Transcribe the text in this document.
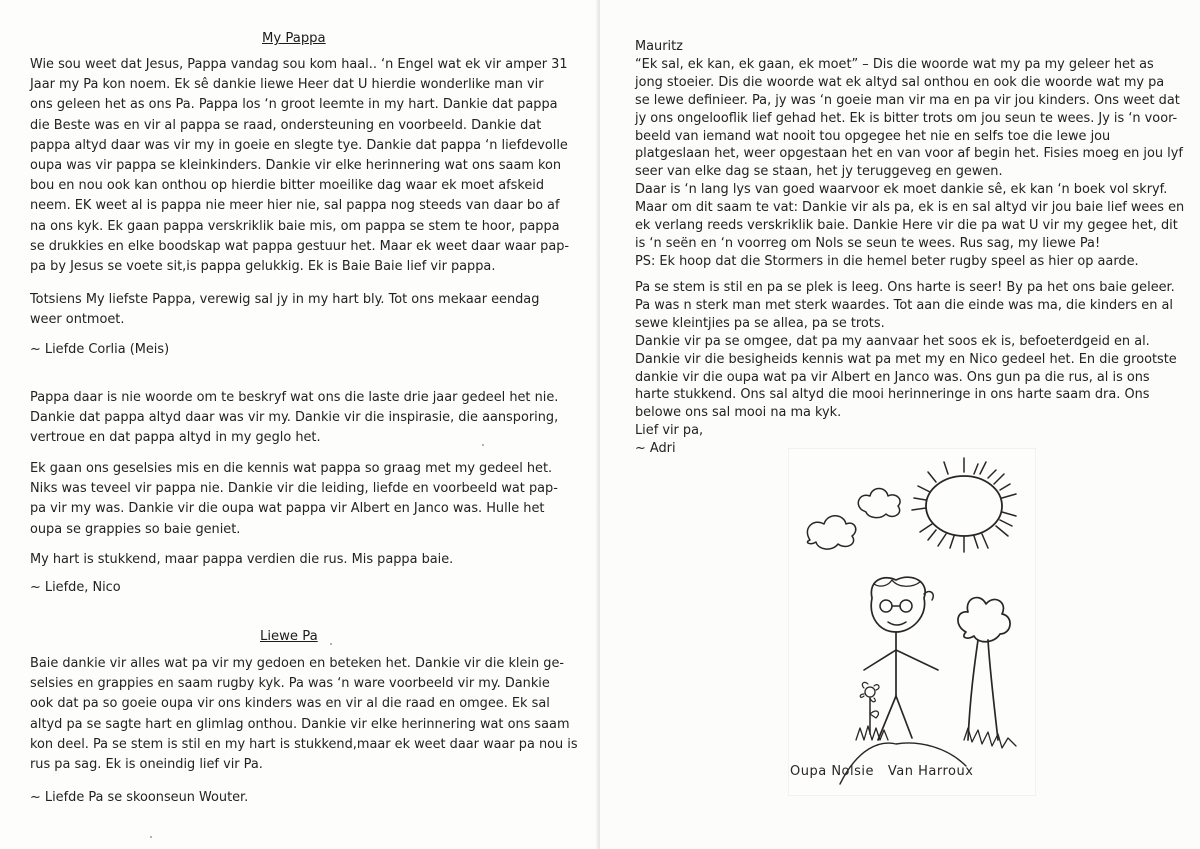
My Pappa
Wie sou weet dat Jesus, Pappa vandag sou kom haal.. ‘n Engel wat ek vir amper 31
Jaar my Pa kon noem. Ek sê dankie liewe Heer dat U hierdie wonderlike man vir
ons geleen het as ons Pa. Pappa los ‘n groot leemte in my hart. Dankie dat pappa
die Beste was en vir al pappa se raad, ondersteuning en voorbeeld. Dankie dat
pappa altyd daar was vir my in goeie en slegte tye. Dankie dat pappa ‘n liefdevolle
oupa was vir pappa se kleinkinders. Dankie vir elke herinnering wat ons saam kon
bou en nou ook kan onthou op hierdie bitter moeilike dag waar ek moet afskeid
neem. EK weet al is pappa nie meer hier nie, sal pappa nog steeds van daar bo af
na ons kyk. Ek gaan pappa verskriklik baie mis, om pappa se stem te hoor, pappa
se drukkies en elke boodskap wat pappa gestuur het. Maar ek weet daar waar pap-
pa by Jesus se voete sit,is pappa gelukkig. Ek is Baie Baie lief vir pappa.
Totsiens My liefste Pappa, verewig sal jy in my hart bly. Tot ons mekaar eendag
weer ontmoet.
~ Liefde Corlia (Meis)
Pappa daar is nie woorde om te beskryf wat ons die laste drie jaar gedeel het nie.
Dankie dat pappa altyd daar was vir my. Dankie vir die inspirasie, die aansporing,
vertroue en dat pappa altyd in my geglo het.
Ek gaan ons geselsies mis en die kennis wat pappa so graag met my gedeel het.
Niks was teveel vir pappa nie. Dankie vir die leiding, liefde en voorbeeld wat pap-
pa vir my was. Dankie vir die oupa wat pappa vir Albert en Janco was. Hulle het
oupa se grappies so baie geniet.
My hart is stukkend, maar pappa verdien die rus. Mis pappa baie.
~ Liefde, Nico
Liewe Pa
Baie dankie vir alles wat pa vir my gedoen en beteken het. Dankie vir die klein ge-
selsies en grappies en saam rugby kyk. Pa was ‘n ware voorbeeld vir my. Dankie
ook dat pa so goeie oupa vir ons kinders was en vir al die raad en omgee. Ek sal
altyd pa se sagte hart en glimlag onthou. Dankie vir elke herinnering wat ons saam
kon deel. Pa se stem is stil en my hart is stukkend,maar ek weet daar waar pa nou is
rus pa sag. Ek is oneindig lief vir Pa.
~ Liefde Pa se skoonseun Wouter.
Mauritz
“Ek sal, ek kan, ek gaan, ek moet” – Dis die woorde wat my pa my geleer het as
jong stoeier. Dis die woorde wat ek altyd sal onthou en ook die woorde wat my pa
se lewe definieer. Pa, jy was ‘n goeie man vir ma en pa vir jou kinders. Ons weet dat
jy ons ongelooflik lief gehad het. Ek is bitter trots om jou seun te wees. Jy is ‘n voor-
beeld van iemand wat nooit tou opgegee het nie en selfs toe die lewe jou
platgeslaan het, weer opgestaan het en van voor af begin het. Fisies moeg en jou lyf
seer van elke dag se staan, het jy teruggeveg en gewen.
Daar is ‘n lang lys van goed waarvoor ek moet dankie sê, ek kan ‘n boek vol skryf.
Maar om dit saam te vat: Dankie vir als pa, ek is en sal altyd vir jou baie lief wees en
ek verlang reeds verskriklik baie. Dankie Here vir die pa wat U vir my gegee het, dit
is ‘n seën en ‘n voorreg om Nols se seun te wees. Rus sag, my liewe Pa!
PS: Ek hoop dat die Stormers in die hemel beter rugby speel as hier op aarde.
Pa se stem is stil en pa se plek is leeg. Ons harte is seer! By pa het ons baie geleer.
Pa was n sterk man met sterk waardes. Tot aan die einde was ma, die kinders en al
sewe kleintjies pa se allea, pa se trots.
Dankie vir pa se omgee, dat pa my aanvaar het soos ek is, befoeterdgeid en al.
Dankie vir die besigheids kennis wat pa met my en Nico gedeel het. En die grootste
dankie vir die oupa wat pa vir Albert en Janco was. Ons gun pa die rus, al is ons
harte stukkend. Ons sal altyd die mooi herinneringe in ons harte saam dra. Ons
belowe ons sal mooi na ma kyk.
Lief vir pa,
~ Adri
Oupa Nolsie   Van Harroux
